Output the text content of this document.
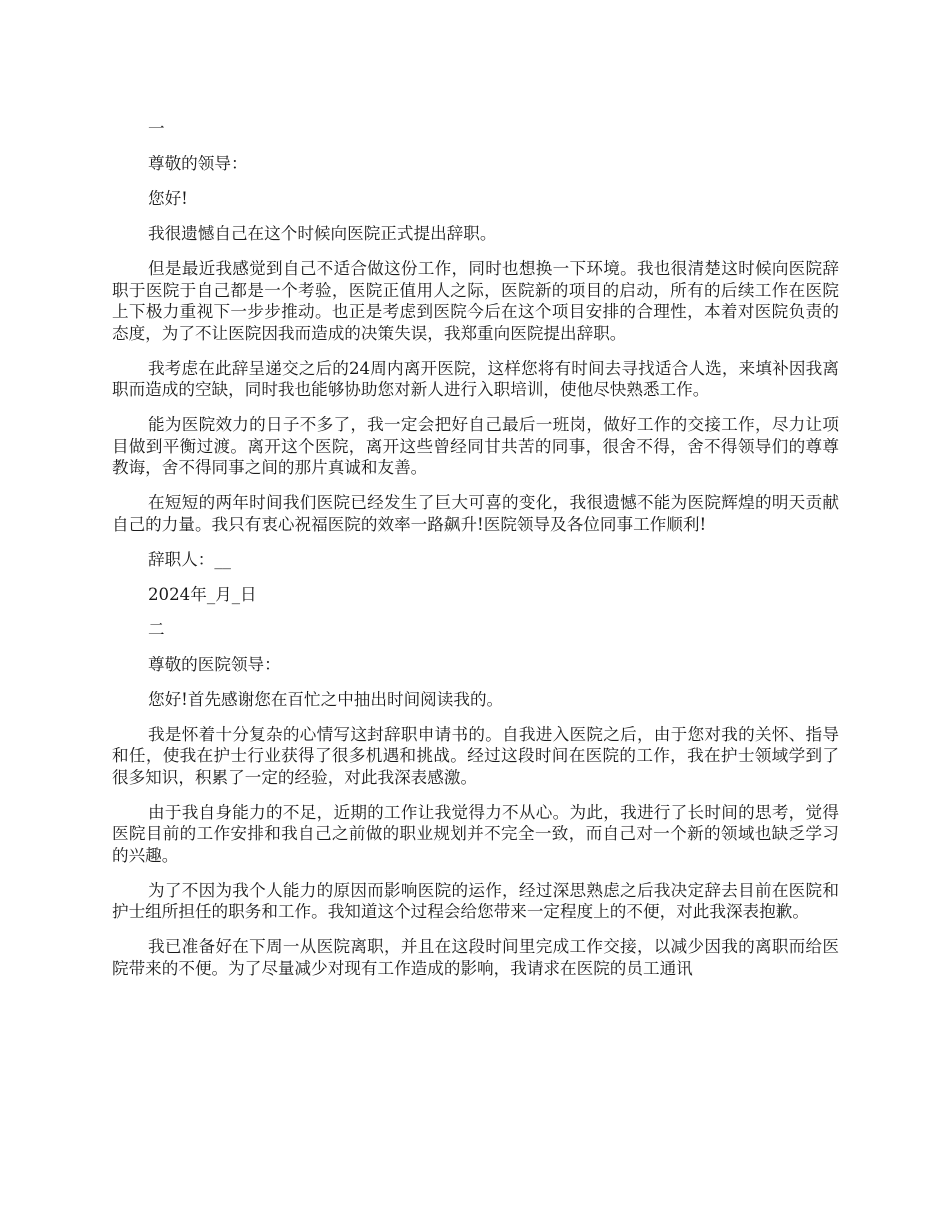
一
尊敬的领导：
您好!
我很遗憾自己在这个时候向医院正式提出辞职。
但是最近我感觉到自己不适合做这份工作，同时也想换一下环境。我也很清楚这时候向医院辞职于医院于自己都是一个考验，医院正值用人之际，医院新的项目的启动，所有的后续工作在医院上下极力重视下一步步推动。也正是考虑到医院今后在这个项目安排的合理性，本着对医院负责的态度，为了不让医院因我而造成的决策失误，我郑重向医院提出辞职。
我考虑在此辞呈递交之后的24周内离开医院，这样您将有时间去寻找适合人选，来填补因我离职而造成的空缺，同时我也能够协助您对新人进行入职培训，使他尽快熟悉工作。
能为医院效力的日子不多了，我一定会把好自己最后一班岗，做好工作的交接工作，尽力让项目做到平衡过渡。离开这个医院，离开这些曾经同甘共苦的同事，很舍不得，舍不得领导们的尊尊教诲，舍不得同事之间的那片真诚和友善。
在短短的两年时间我们医院已经发生了巨大可喜的变化，我很遗憾不能为医院辉煌的明天贡献自己的力量。我只有衷心祝福医院的效率一路飙升!医院领导及各位同事工作顺利!
辞职人：__
2024年_月_日
二
尊敬的医院领导：
您好!首先感谢您在百忙之中抽出时间阅读我的。
我是怀着十分复杂的心情写这封辞职申请书的。自我进入医院之后，由于您对我的关怀、指导和任，使我在护士行业获得了很多机遇和挑战。经过这段时间在医院的工作，我在护士领域学到了很多知识，积累了一定的经验，对此我深表感激。
由于我自身能力的不足，近期的工作让我觉得力不从心。为此，我进行了长时间的思考，觉得医院目前的工作安排和我自己之前做的职业规划并不完全一致，而自己对一个新的领域也缺乏学习的兴趣。
为了不因为我个人能力的原因而影响医院的运作，经过深思熟虑之后我决定辞去目前在医院和护士组所担任的职务和工作。我知道这个过程会给您带来一定程度上的不便，对此我深表抱歉。
我已准备好在下周一从医院离职，并且在这段时间里完成工作交接，以减少因我的离职而给医院带来的不便。为了尽量减少对现有工作造成的影响，我请求在医院的员工通讯
